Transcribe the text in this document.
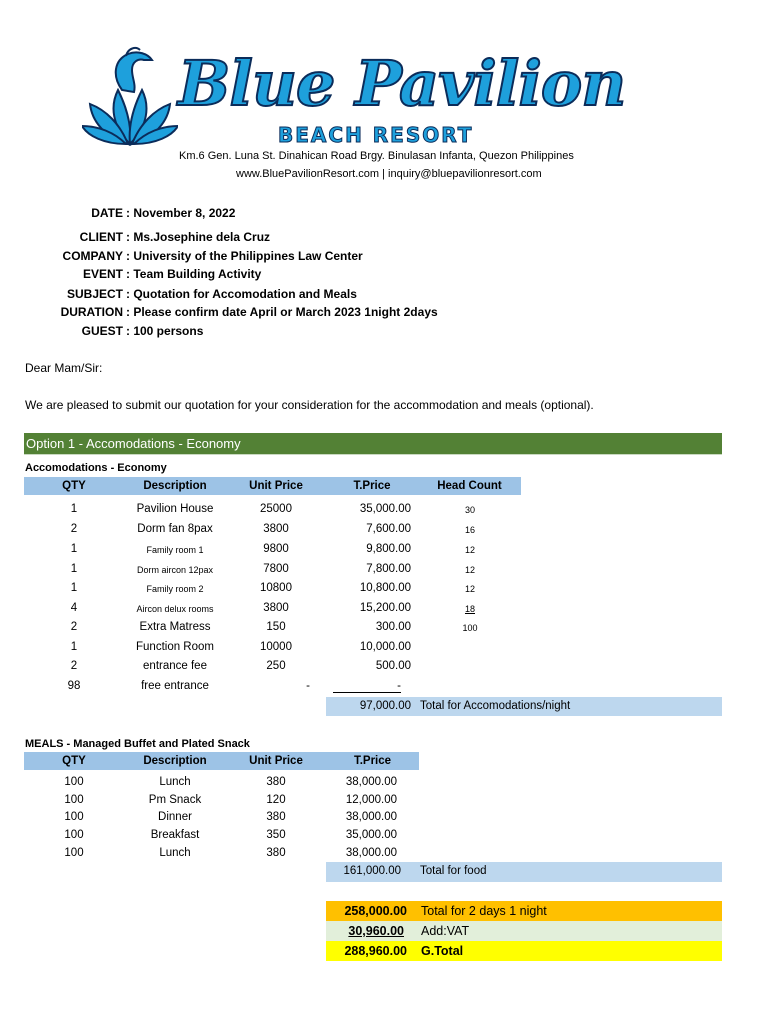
Blue Pavilion
BEACH RESORT
Km.6 Gen. Luna St. Dinahican Road Brgy. Binulasan Infanta, Quezon Philippines
www.BluePavilionResort.com | inquiry@bluepavilionresort.com
DATE : November 8, 2022
CLIENT : Ms.Josephine dela Cruz
COMPANY : University of the Philippines Law Center
EVENT : Team Building Activity
SUBJECT : Quotation for Accomodation and Meals
DURATION : Please confirm date April or March 2023 1night 2days
GUEST : 100 persons
Dear Mam/Sir:
We are pleased to submit our quotation for your consideration for the accommodation and meals (optional).
Option 1 - Accomodations - Economy
Accomodations - Economy
QTY	Description	Unit Price	T.Price	Head Count
1	Pavilion House	25000	35,000.00	30
2	Dorm fan 8pax	3800	7,600.00	16
1	Family room 1	9800	9,800.00	12
1	Dorm aircon 12pax	7800	7,800.00	12
1	Family room 2	10800	10,800.00	12
4	Aircon delux rooms	3800	15,200.00	18
2	Extra Matress	150	300.00	100
1	Function Room	10000	10,000.00
2	entrance fee	250	500.00
98	free entrance	-	-
97,000.00 Total for Accomodations/night
MEALS - Managed Buffet and Plated Snack
QTY	Description	Unit Price	T.Price
100	Lunch	380	38,000.00
100	Pm Snack	120	12,000.00
100	Dinner	380	38,000.00
100	Breakfast	350	35,000.00
100	Lunch	380	38,000.00
161,000.00 Total for food
258,000.00 Total for 2 days 1 night
30,960.00 Add:VAT
288,960.00 G.Total
